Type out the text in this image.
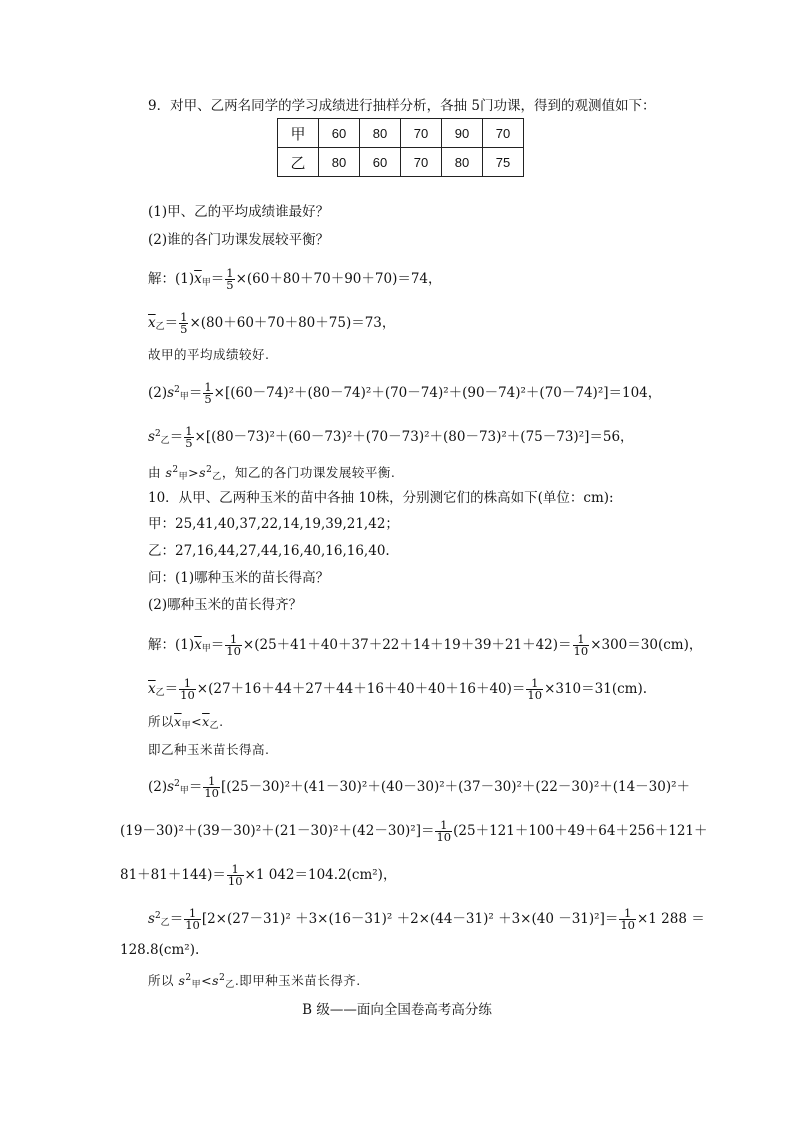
9．对甲、乙两名同学的学习成绩进行抽样分析，各抽 5门功课，得到的观测值如下：
甲	60	80	70	90	70
乙	80	60	70	80	75
(1)甲、乙的平均成绩谁最好？
(2)谁的各门功课发展较平衡？
解：$(1)\overline{x}_甲= \frac{1}{5} \times(60+80+70+90+70)=74$，
$\overline{x}_乙= \frac{1}{5} \times(80+60+70+80+75)=73$，
故甲的平均成绩较好.
$(2)s^2_甲= \frac{1}{5} \times[(60-74)^2+(80-74)^2+(70-74)^2+(90-74)^2+(70-74)^2]=104$，
$s^2_乙= \frac{1}{5} \times[(80-73)^2+(60-73)^2+(70-73)^2+(80-73)^2+(75-73)^2]=56$，
由 $s^2_甲>s^2_乙$，知乙的各门功课发展较平衡.
10．从甲、乙两种玉米的苗中各抽 10株，分别测它们的株高如下(单位：cm):
甲：25,41,40,37,22,14,19,39,21,42；
乙：27,16,44,27,44,16,40,16,16,40.
问：(1)哪种玉米的苗长得高？
(2)哪种玉米的苗长得齐？
解：$(1)\overline{x}_甲= \frac{1}{10} \times(25+41+40+37+22+14+19+39+21+42)= \frac{1}{10} \times 300=30(cm)$，
$\overline{x}_乙= \frac{1}{10} \times(27+16+44+27+44+16+40+40+16+40)= \frac{1}{10} \times 310=31(cm)$.
所以$\overline{x}_甲<\overline{x}_乙$.
即乙种玉米苗长得高.
$(2)s^2_甲= \frac{1}{10} [(25-30)^2+(41-30)^2+(40-30)^2+(37-30)^2+(22-30)^2+(14-30)^2+$
$(19-30)^2+(39-30)^2+(21-30)^2+(42-30)^2]= \frac{1}{10} (25+121+100+49+64+256+121+$
$81+81+144)= \frac{1}{10} \times 1$ 042＝104.2(cm²)，
$s^2_乙= \frac{1}{10} [2\times(27-31)^2 +3\times(16-31)^2 +2\times(44-31)^2 +3\times(40 -31)^2]= \frac{1}{10} \times 1$ 288 ＝
128.8(cm²).
所以 $s^2_甲<s^2_乙$.即甲种玉米苗长得齐.
B 级——面向全国卷高考高分练
